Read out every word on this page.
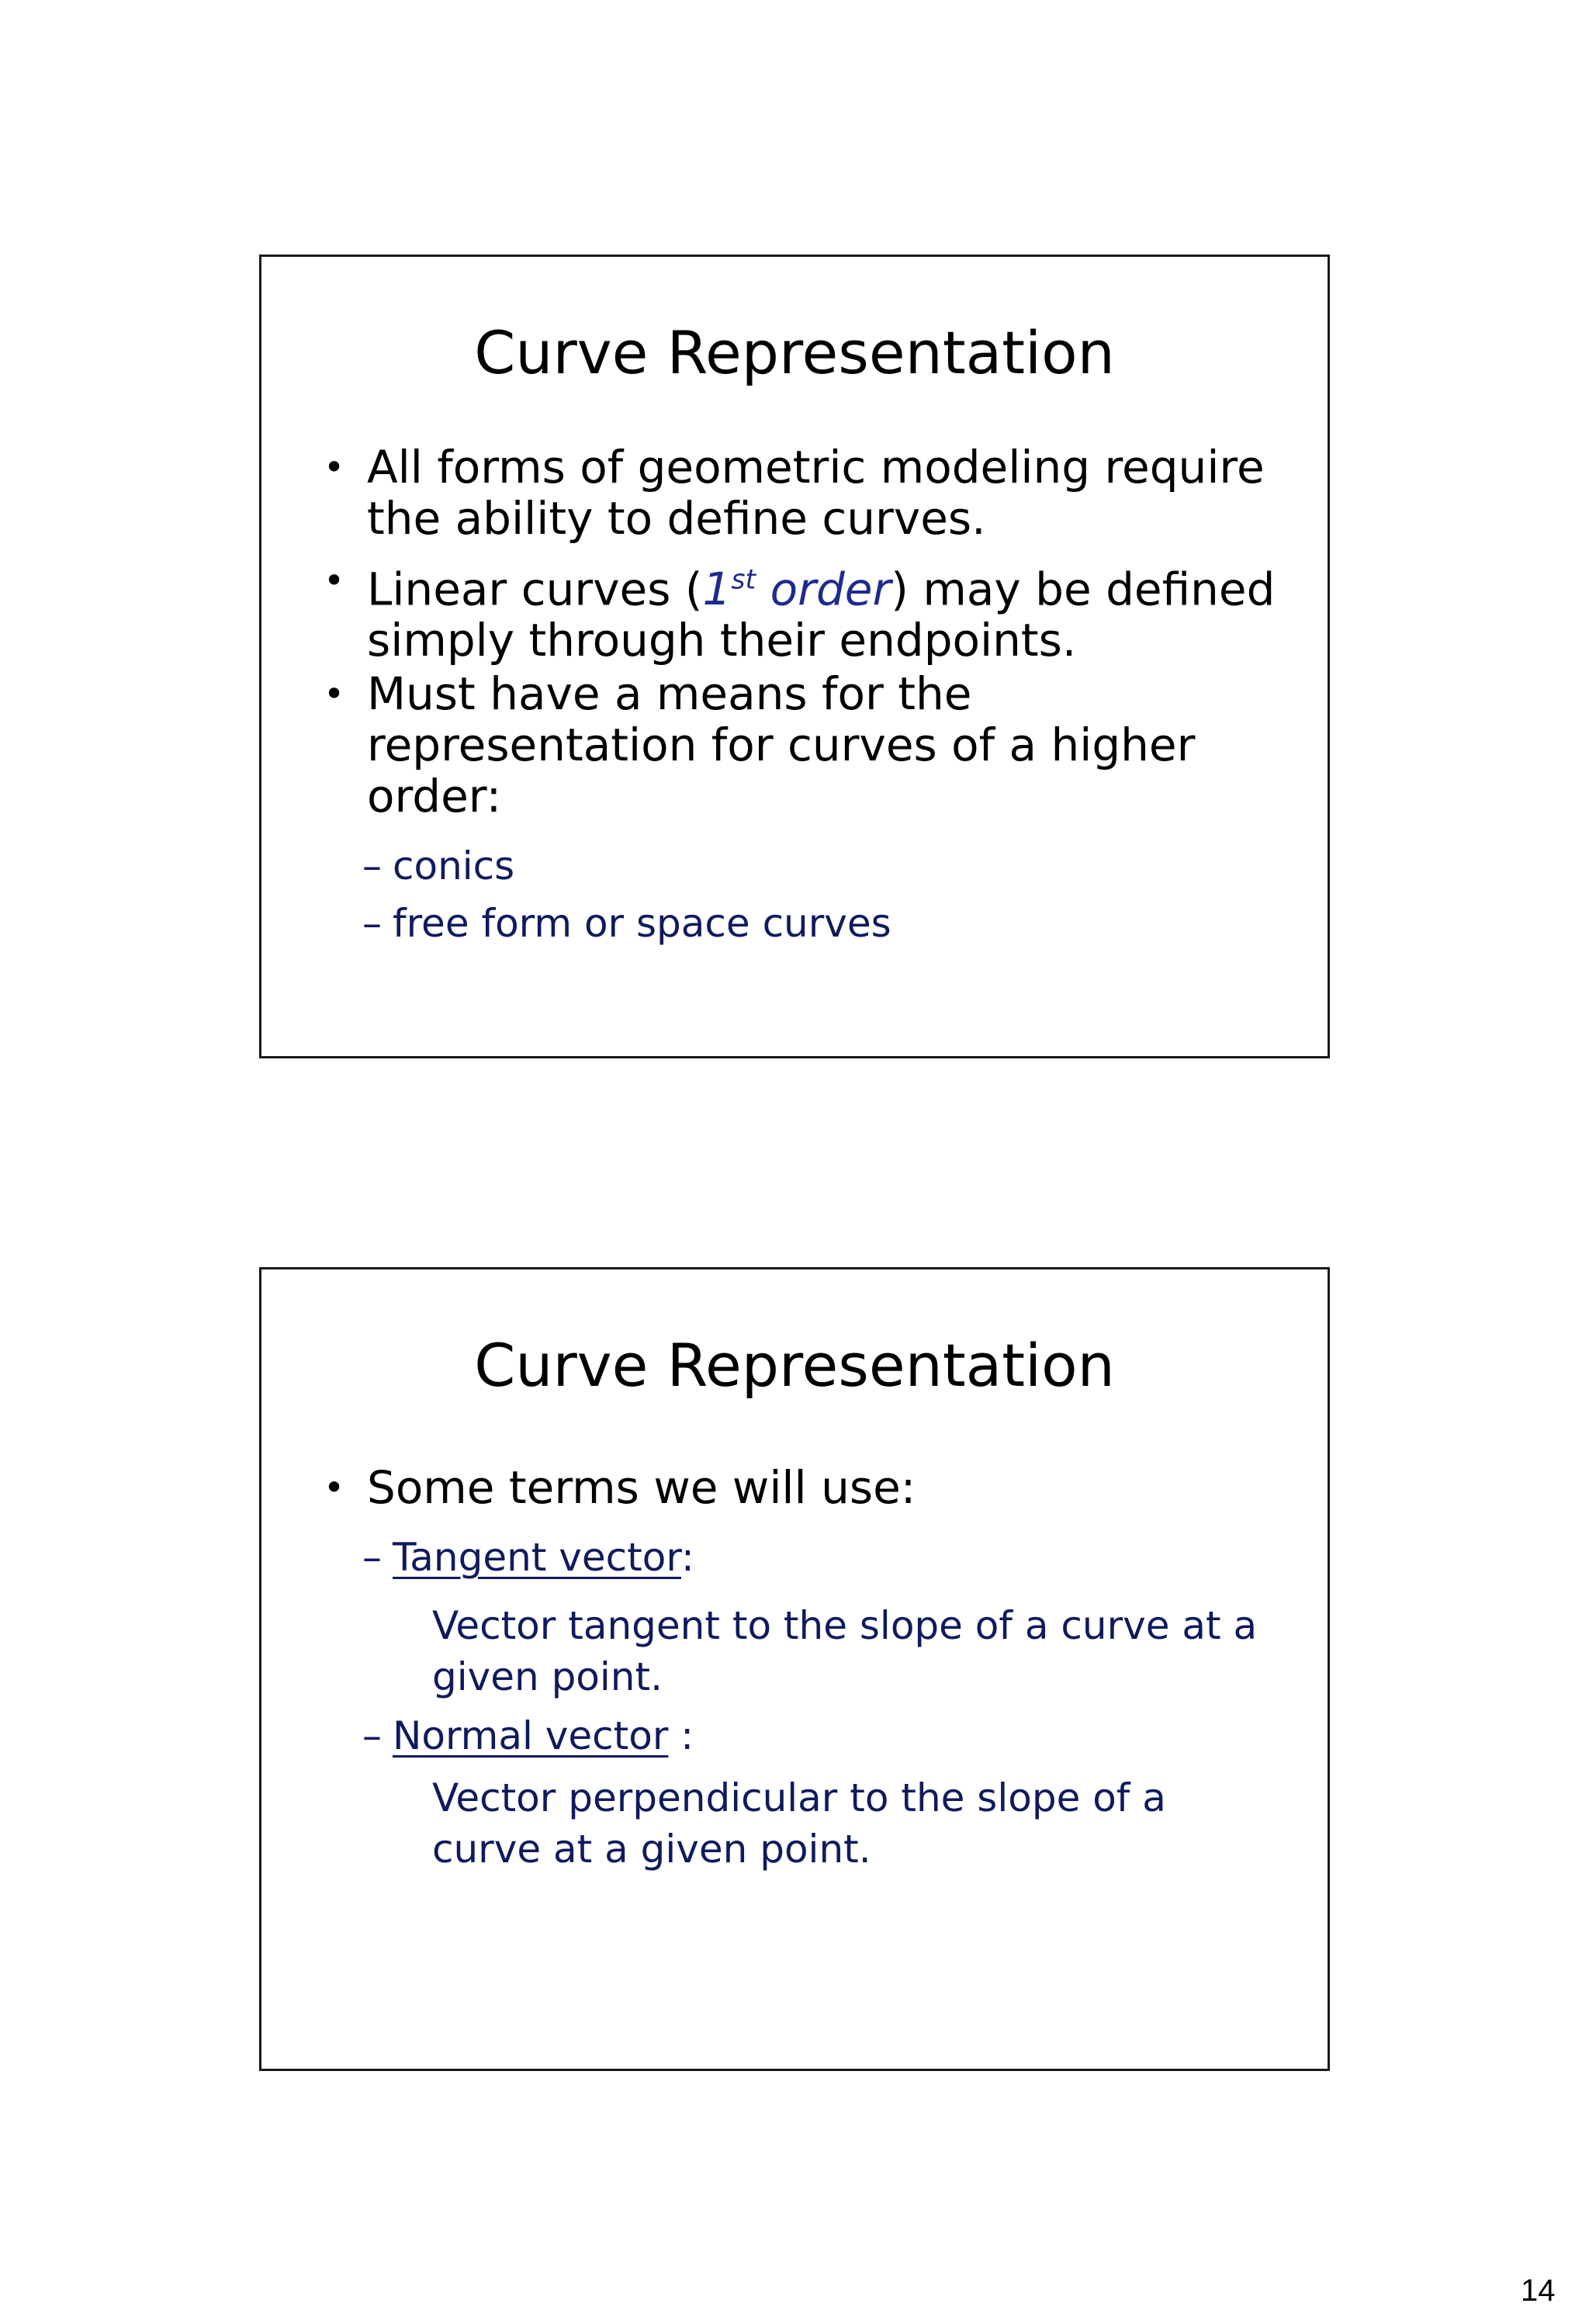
Curve Representation
• All forms of geometric modeling require the ability to define curves.
• Linear curves (1st order) may be defined simply through their endpoints.
• Must have a means for the representation for curves of a higher order:
– conics
– free form or space curves
Curve Representation
• Some terms we will use:
– Tangent vector:
Vector tangent to the slope of a curve at a given point.
– Normal vector :
Vector perpendicular to the slope of a curve at a given point.
14
